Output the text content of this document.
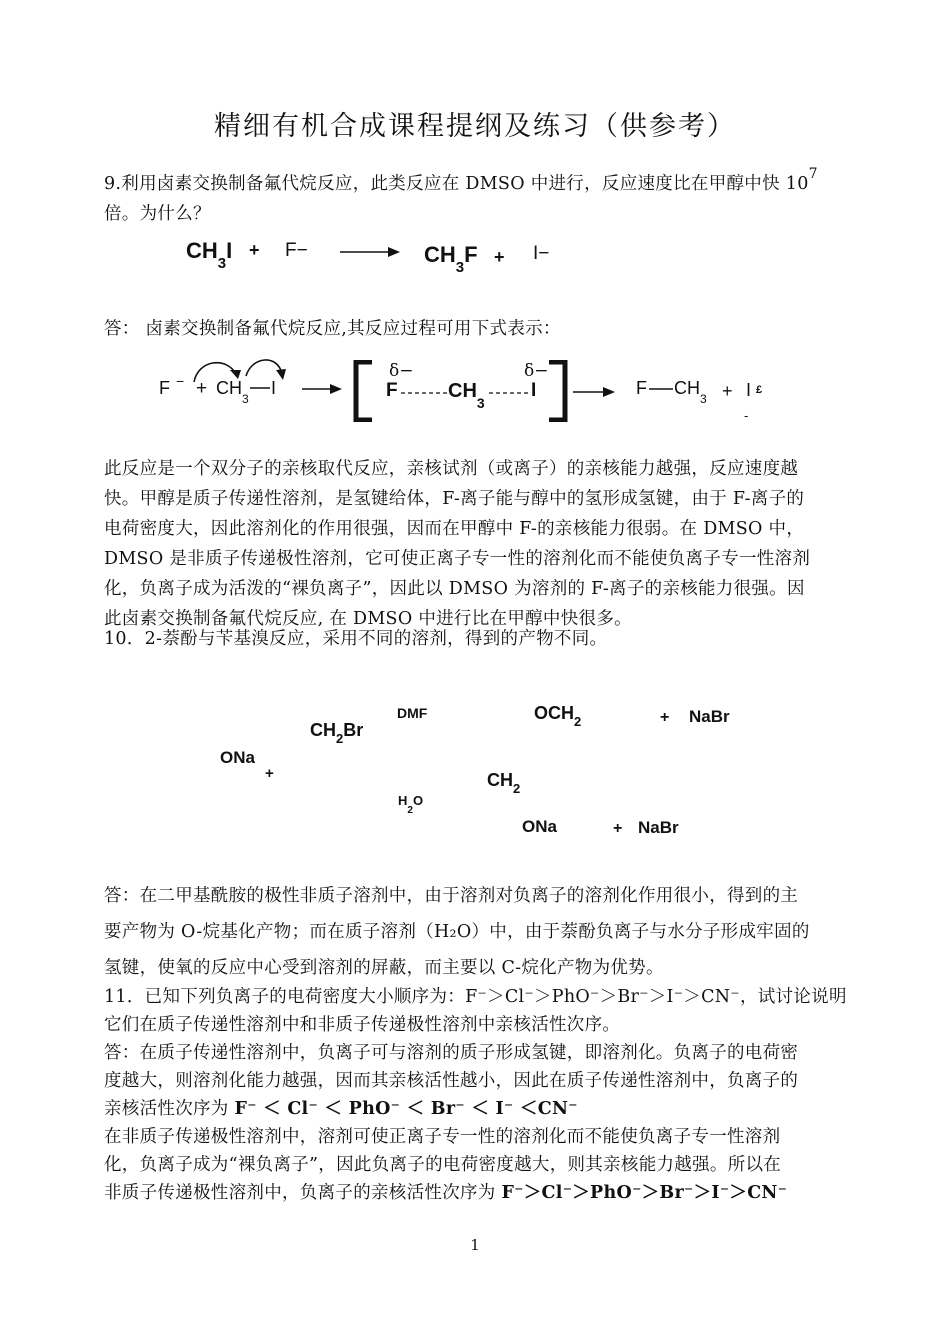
精细有机合成课程提纲及练习（供参考）

9.利用卤素交换制备氟代烷反应，此类反应在 DMSO 中进行，反应速度比在甲醇中快 $10^7$

倍。为什么？

$CH_3I + F- \to CH_3F + I-$
答： 卤素交换制备氟代烷反应,其反应过程可用下式表示：
F $^- + CH_3$
I →
δ−	δ−
F	$CH_3$
I → F $CH_3 + I$ £
-

此反应是一个双分子的亲核取代反应，亲核试剂（或离子）的亲核能力越强，反应速度越

快。甲醇是质子传递性溶剂，是氢键给体，F-离子能与醇中的氢形成氢键，由于 F-离子的

电荷密度大，因此溶剂化的作用很强，因而在甲醇中 F-的亲核能力很弱。在 DMSO 中，

DMSO 是非质子传递极性溶剂，它可使正离子专一性的溶剂化而不能使负离子专一性溶剂

化，负离子成为活泼的“裸负离子”，因此以 DMSO 为溶剂的 F-离子的亲核能力很强。因

此卤素交换制备氟代烷反应, 在 DMSO 中进行比在甲醇中快很多。

10．2-萘酚与苄基溴反应，采用不同的溶剂，得到的产物不同。
DMF	$OCH_2$	+ NaBr
$CH_2Br$
ONa
+	$CH_2$
$H_2O$
ONa	+ NaBr

答：在二甲基酰胺的极性非质子溶剂中，由于溶剂对负离子的溶剂化作用很小，得到的主

要产物为 O-烷基化产物；而在质子溶剂（H₂O）中，由于萘酚负离子与水分子形成牢固的

氢键，使氧的反应中心受到溶剂的屏蔽，而主要以 C-烷化产物为优势。

11．已知下列负离子的电荷密度大小顺序为：F⁻＞Cl⁻＞PhO⁻＞Br⁻＞I⁻＞CN⁻，试讨论说明

它们在质子传递性溶剂中和非质子传递极性溶剂中亲核活性次序。

答：在质子传递性溶剂中，负离子可与溶剂的质子形成氢键，即溶剂化。负离子的电荷密

度越大，则溶剂化能力越强，因而其亲核活性越小，因此在质子传递性溶剂中，负离子的

亲核活性次序为 F⁻ ＜ Cl⁻ ＜ PhO⁻ ＜ Br⁻ ＜ I⁻ ＜CN⁻

在非质子传递极性溶剂中，溶剂可使正离子专一性的溶剂化而不能使负离子专一性溶剂

化，负离子成为“裸负离子”，因此负离子的电荷密度越大，则其亲核能力越强。所以在

非质子传递极性溶剂中，负离子的亲核活性次序为 F⁻＞Cl⁻＞PhO⁻＞Br⁻＞I⁻＞CN⁻

1
